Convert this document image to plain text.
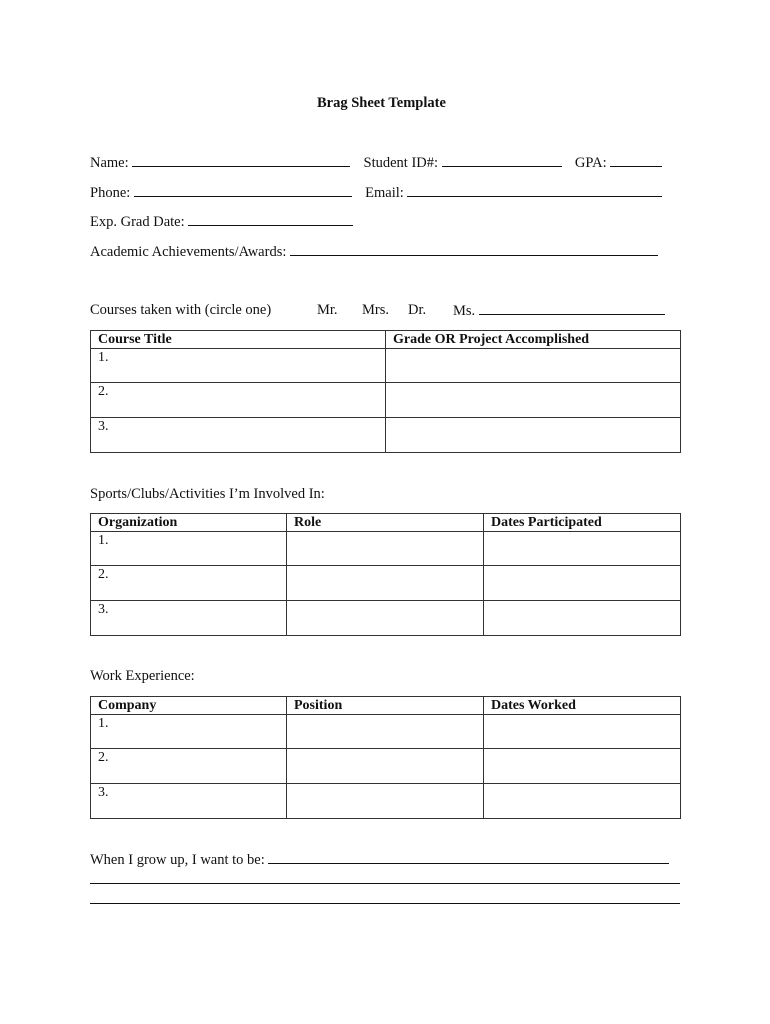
Brag Sheet Template
Name:	Student ID#:	GPA:
Phone:	Email:
Exp. Grad Date:
Academic Achievements/Awards:
Courses taken with (circle one)	Mr. Mrs. Dr. Ms.
Course Title	Grade OR Project Accomplished
1.	
2.	
3.	
Sports/Clubs/Activities I’m Involved In:
Organization	Role	Dates Participated
1.		
2.		
3.		
Work Experience:
Company	Position	Dates Worked
1.		
2.		
3.		
When I grow up, I want to be:
